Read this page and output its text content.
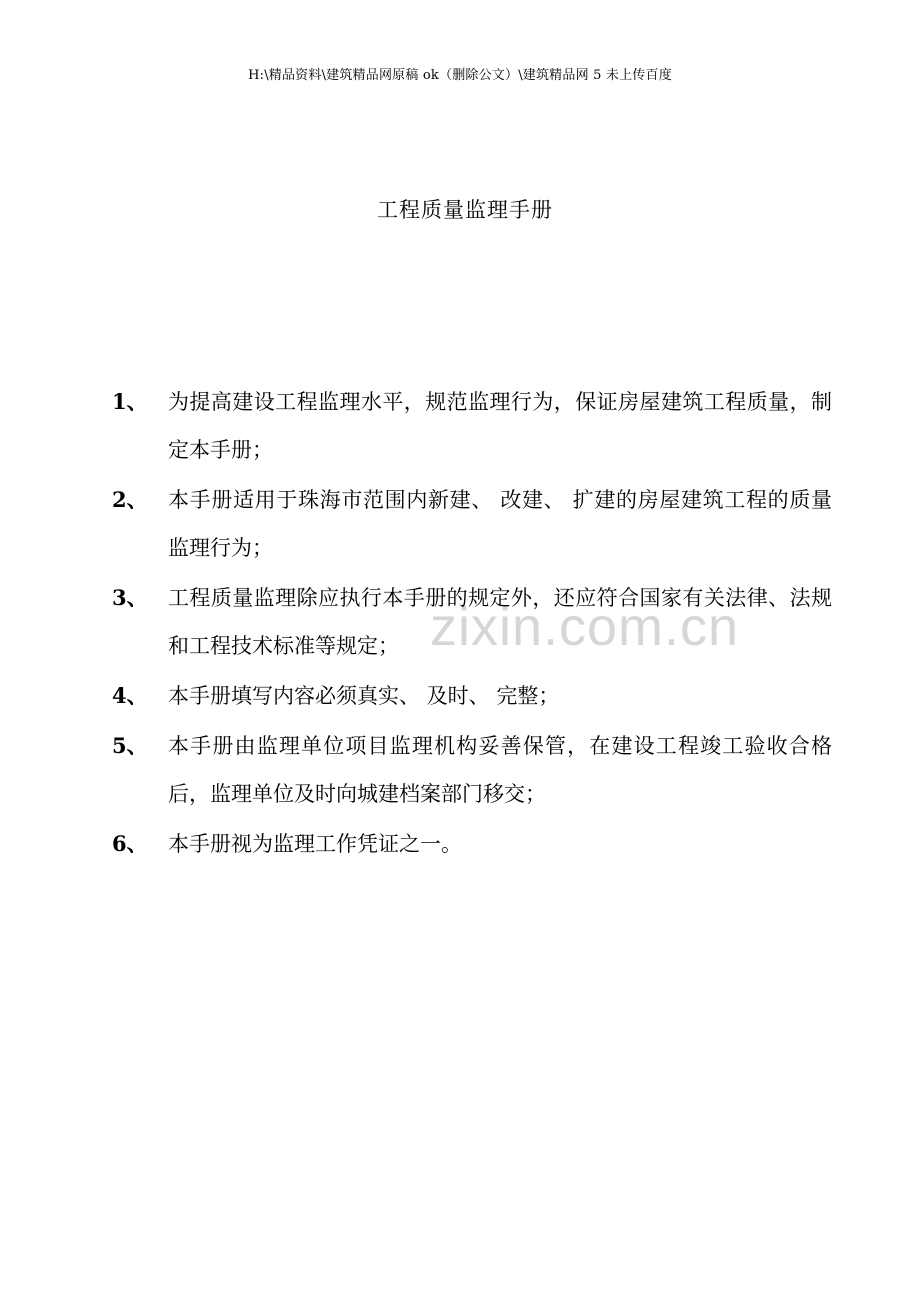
H:\精品资料\建筑精品网原稿 ok（删除公文）\建筑精品网 5 未上传百度
工程质量监理手册
zixin.com.cn
1、 为提高建设工程监理水平，规范监理行为，保证房屋建筑工程质量，制定本手册；
2、 本手册适用于珠海市范围内新建、 改建、 扩建的房屋建筑工程的质量监理行为；
3、 工程质量监理除应执行本手册的规定外，还应符合国家有关法律、法规和工程技术标准等规定；
4、 本手册填写内容必须真实、 及时、 完整；
5、 本手册由监理单位项目监理机构妥善保管，在建设工程竣工验收合格后，监理单位及时向城建档案部门移交；
6、 本手册视为监理工作凭证之一。
